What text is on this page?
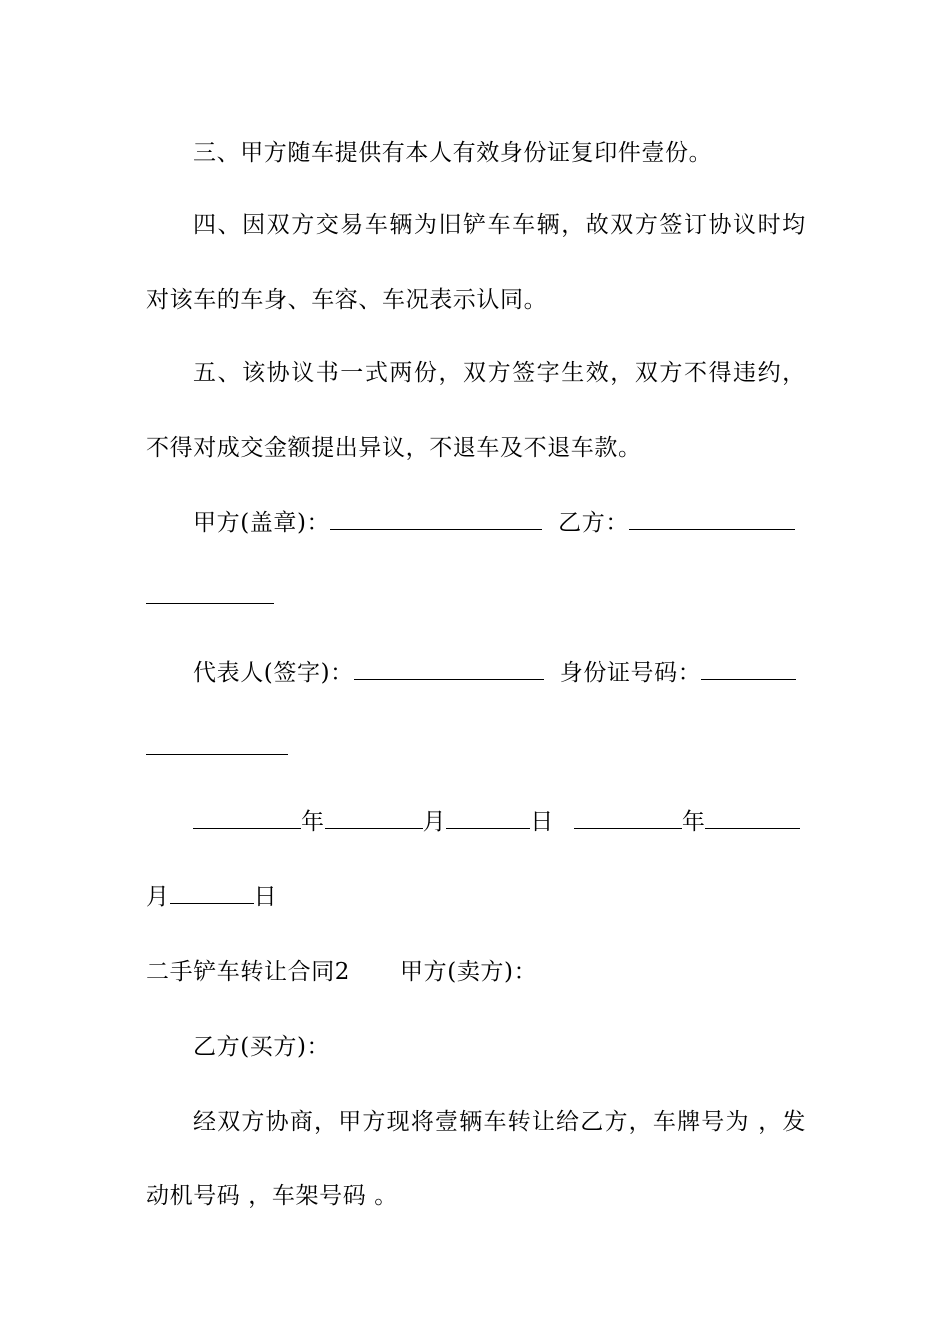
三、甲方随车提供有本人有效身份证复印件壹份。
四 、 因 双 方 交 易 车 辆 为 旧 铲 车 车 辆 ， 故 双 方 签 订 协 议 时 均
对该车的车身、车容、车况表示认同。
五 、 该 协 议 书 一 式 两 份 ， 双 方 签 字 生 效 ， 双 方 不 得 违 约 ，
不得对成交金额提出异议，不退车及不退车款。
甲方(盖章)：	乙方：
代表人(签字)：	身份证号码：
年	月	日	年
月	日
二手铲车转让合同2 甲方(卖方)：
乙方(买方)：
经 双 方 协 商 ， 甲 方 现 将 壹 辆 车 转 让 给 乙 方 ， 车 牌 号 为
， 发
动机号码 ，车架号码 。
